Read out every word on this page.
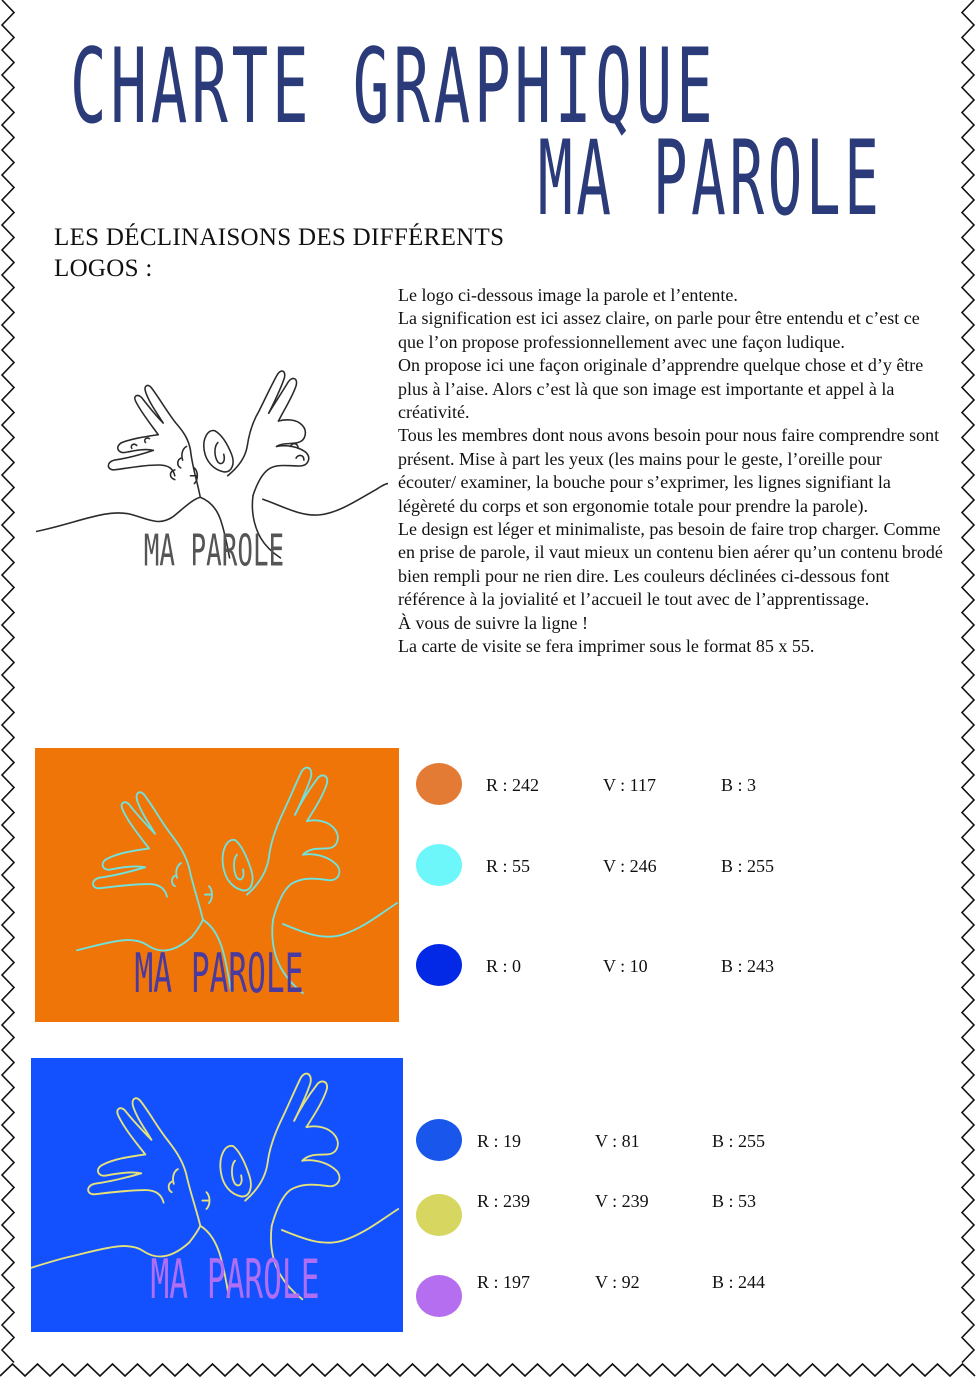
CHARTE GRAPHIQUE
MA PAROLE
LES DÉCLINAISONS DES DIFFÉRENTS LOGOS :
MA PAROLE

Le logo ci-dessous image la parole et l’entente.

La signification est ici assez claire, on parle pour être entendu et c’est ce que l’on propose professionnellement avec une façon ludique.

On propose ici une façon originale d’apprendre quelque chose et d’y être plus à l’aise. Alors c’est là que son image est importante et appel à la créativité.

Tous les membres dont nous avons besoin pour nous faire comprendre sont présent. Mise à part les yeux (les mains pour le geste, l’oreille pour écouter/ examiner, la bouche pour s’exprimer, les lignes signifiant la légèreté du corps et son ergonomie totale pour prendre la parole).

Le design est léger et minimaliste, pas besoin de faire trop charger. Comme en prise de parole, il vaut mieux un contenu bien aérer qu’un contenu brodé bien rempli pour ne rien dire. Les couleurs déclinées ci-dessous font référence à la jovialité et l’accueil le tout avec de l’apprentissage.

À vous de suivre la ligne !

La carte de visite se fera imprimer sous le format 85 x 55.

MA PAROLE
R : 242	V : 117	B : 3
R : 55	V : 246	B : 255
R : 0	V : 10	B : 243
MA PAROLE
R : 19	V : 81	B : 255
R : 239	V : 239	B : 53
R : 197	V : 92	B : 244
